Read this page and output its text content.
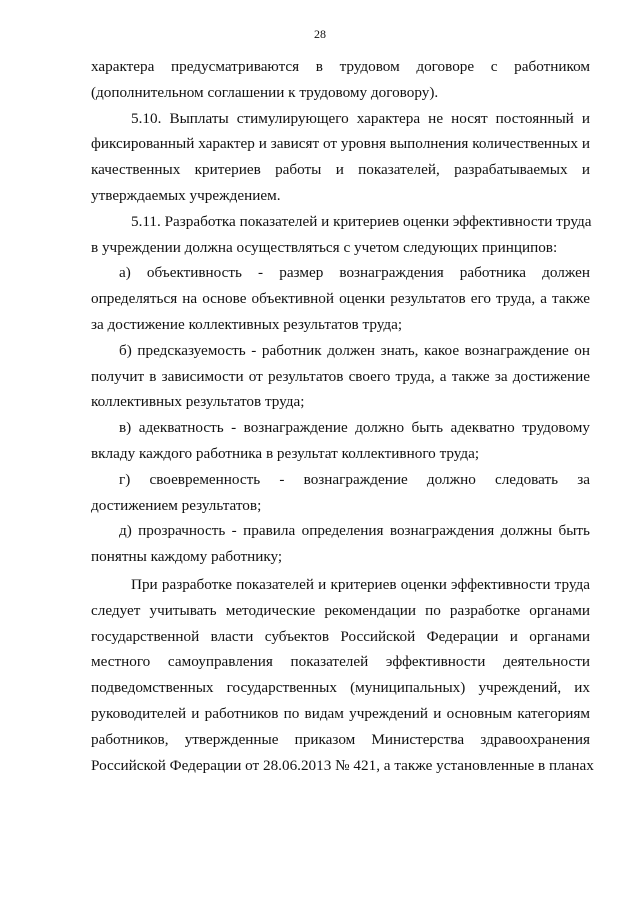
28
характера предусматриваются в трудовом договоре с работником
(дополнительном соглашении к трудовому договору).
5.10. Выплаты стимулирующего характера не носят постоянный и
фиксированный характер и зависят от уровня выполнения количественных и
качественных критериев работы и показателей, разрабатываемых и
утверждаемых учреждением.
5.11. Разработка показателей и критериев оценки эффективности труда
в учреждении должна осуществляться с учетом следующих принципов:
а) объективность - размер вознаграждения работника должен
определяться на основе объективной оценки результатов его труда, а также
за достижение коллективных результатов труда;
б) предсказуемость - работник должен знать, какое вознаграждение он
получит в зависимости от результатов своего труда, а также за достижение
коллективных результатов труда;
в) адекватность - вознаграждение должно быть адекватно трудовому
вкладу каждого работника в результат коллективного труда;
г) своевременность - вознаграждение должно следовать за
достижением результатов;
д) прозрачность - правила определения вознаграждения должны быть
понятны каждому работнику;
При разработке показателей и критериев оценки эффективности труда
следует учитывать методические рекомендации по разработке органами
государственной власти субъектов Российской Федерации и органами
местного самоуправления показателей эффективности деятельности
подведомственных государственных (муниципальных) учреждений, их
руководителей и работников по видам учреждений и основным категориям
работников, утвержденные приказом Министерства здравоохранения
Российской Федерации от 28.06.2013 № 421, а также установленные в планах
